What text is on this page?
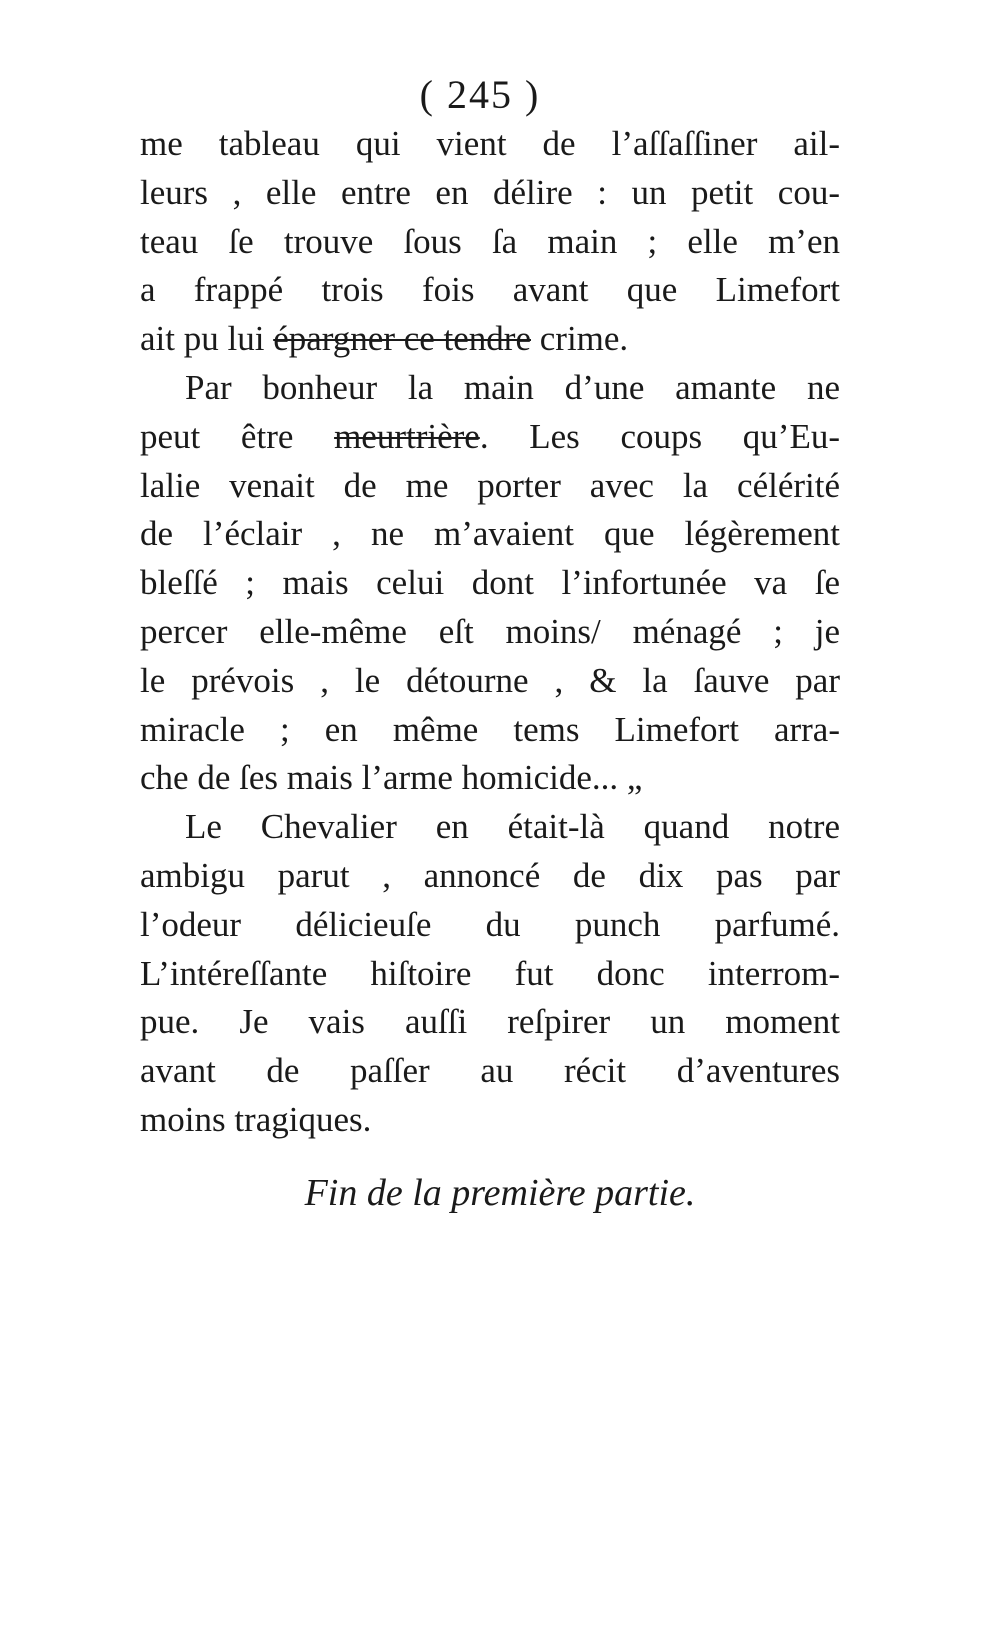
( 245 )
me tableau qui vient de l’aſſaſſiner ail-
leurs , elle entre en délire : un petit cou-
teau ſe trouve ſous ſa main ; elle m’en
a frappé trois fois avant que Limefort
ait pu lui épargner ce tendre crime.
Par bonheur la main d’une amante ne
peut être meurtrière. Les coups qu’Eu-
lalie venait de me porter avec la célérité
de l’éclair , ne m’avaient que légèrement
bleſſé ; mais celui dont l’infortunée va ſe
percer elle-même eſt moins/ ménagé ; je
le prévois , le détourne , & la ſauve par
miracle ; en même tems Limefort arra-
che de ſes mais l’arme homicide... „
Le Chevalier en était-là quand notre
ambigu parut , annoncé de dix pas par
l’odeur délicieuſe du punch parfumé.
L’intéreſſante hiſtoire fut donc interrom-
pue. Je vais auſſi reſpirer un moment
avant de paſſer au récit d’aventures
moins tragiques.
Fin de la première partie.
